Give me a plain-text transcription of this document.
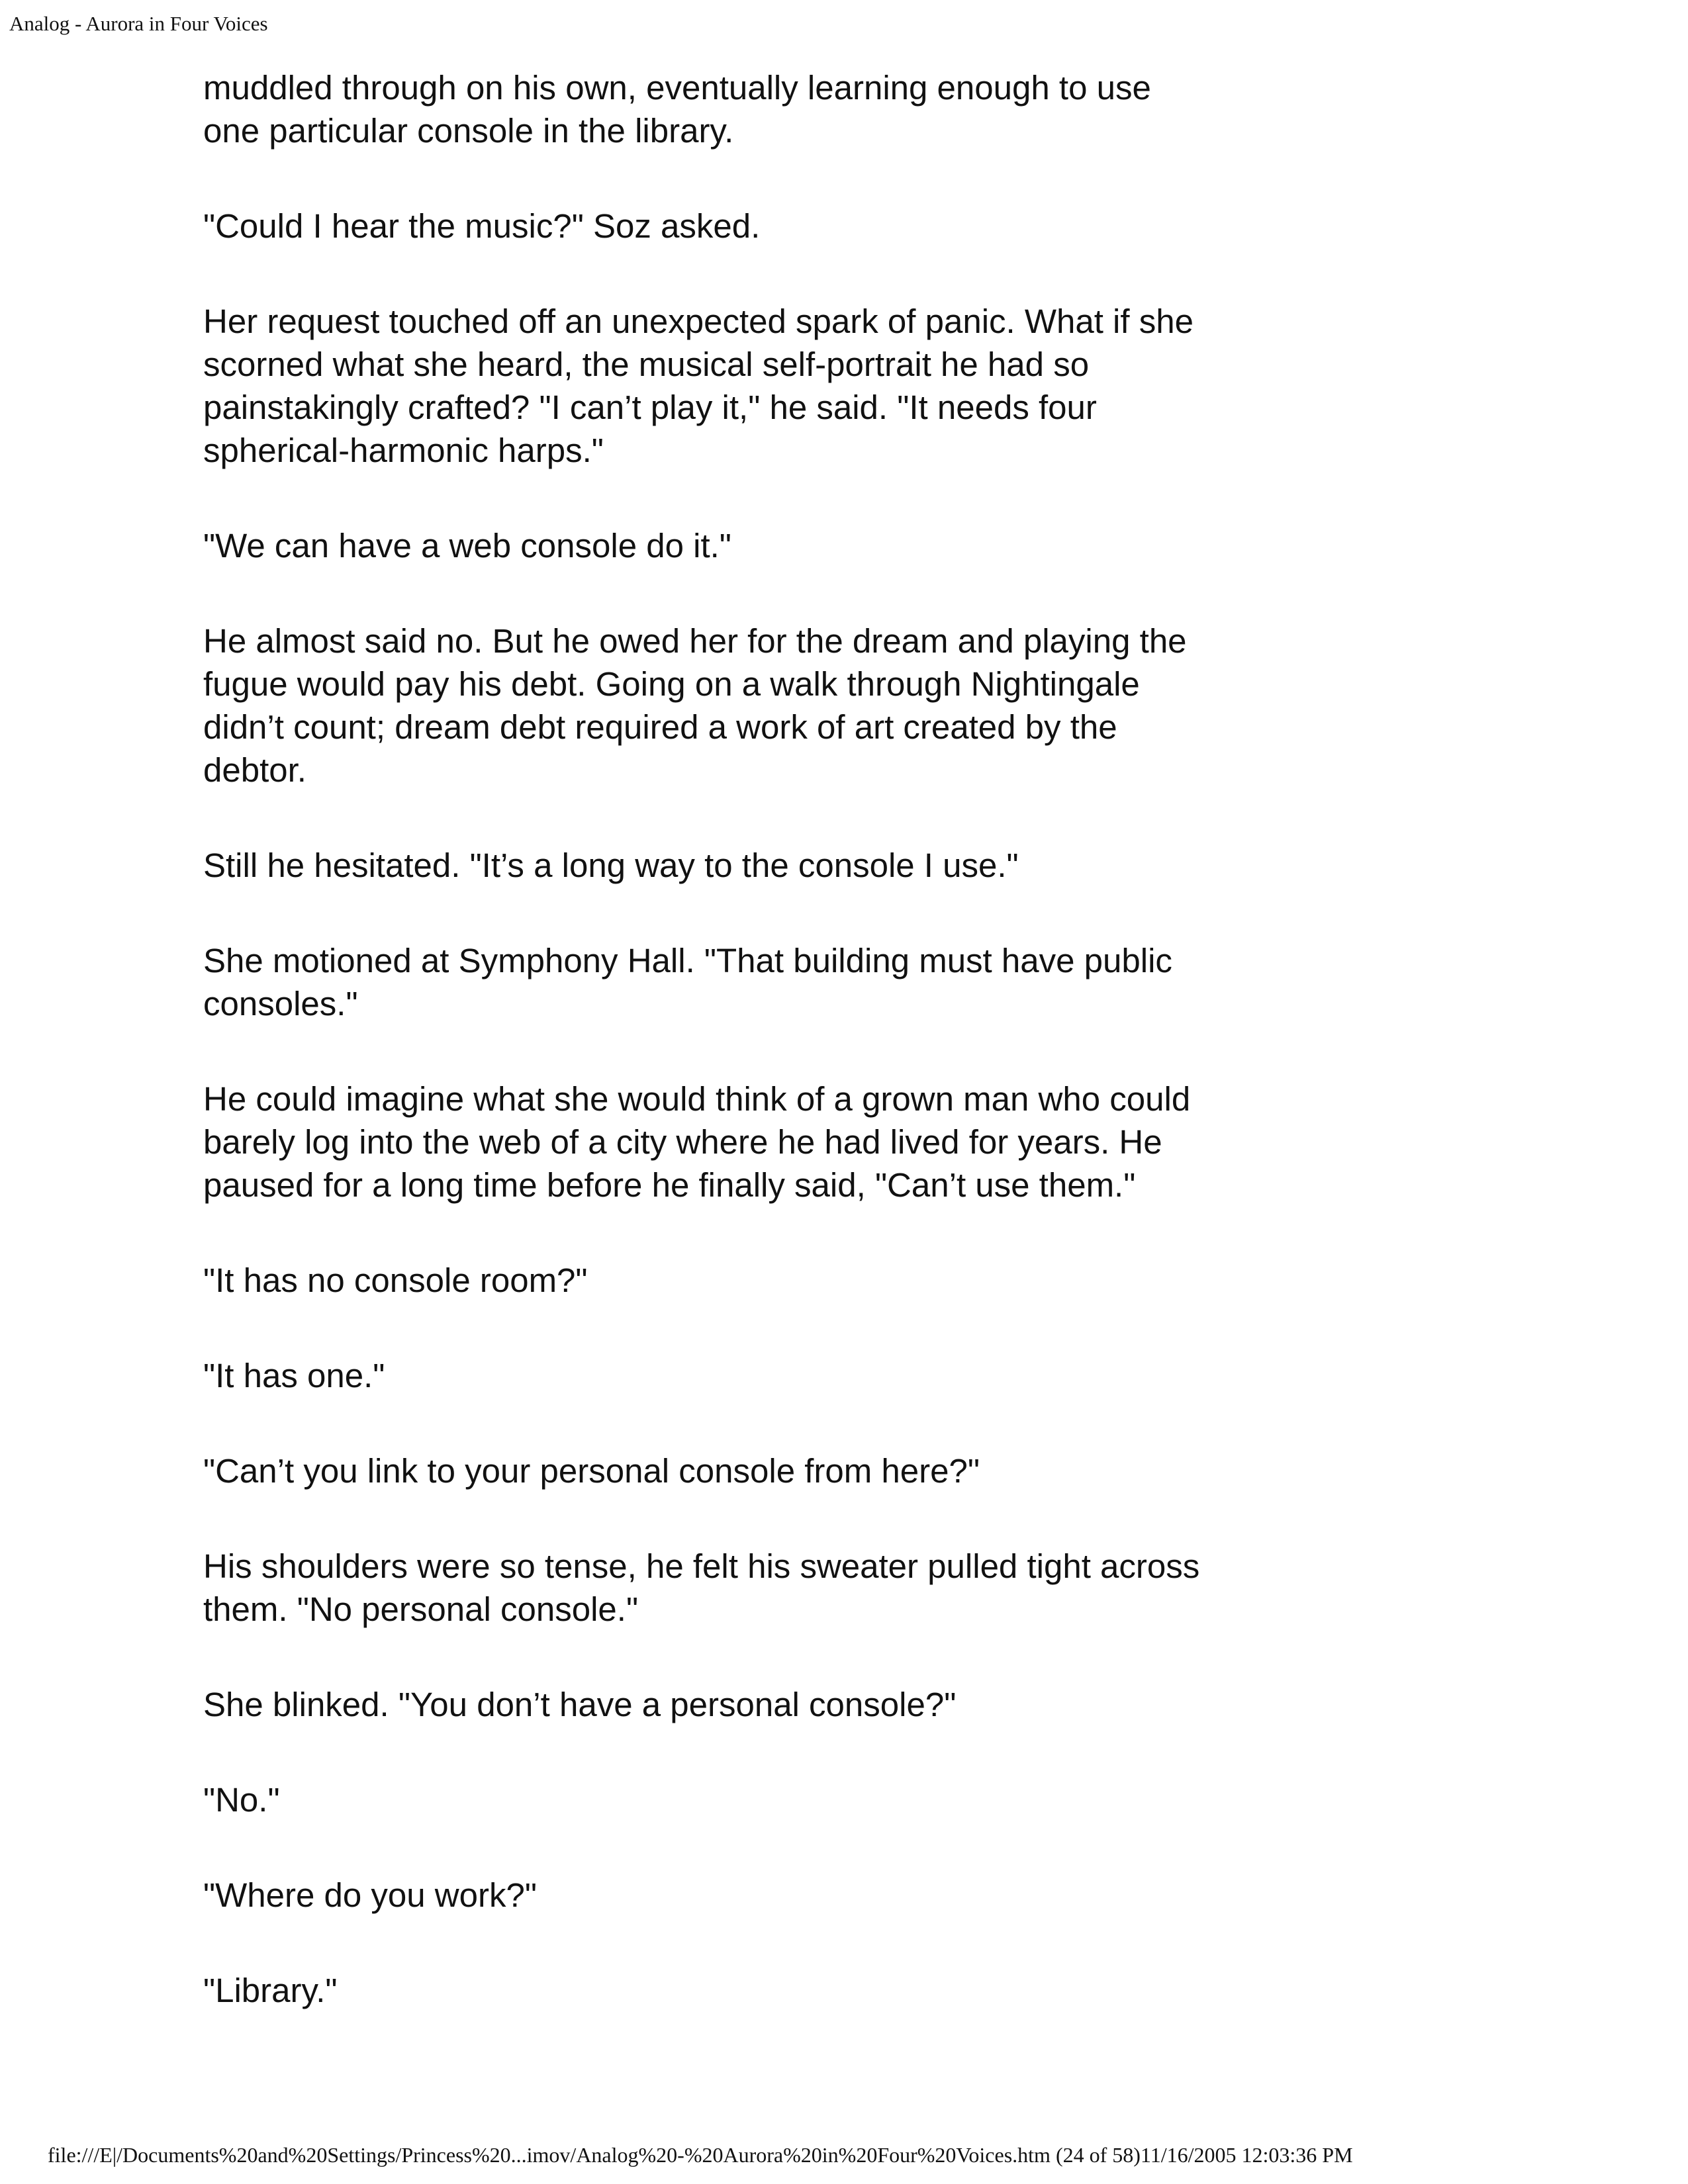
Analog - Aurora in Four Voices

muddled through on his own, eventually learning enough to use one particular console in the library.

"Could I hear the music?" Soz asked.

Her request touched off an unexpected spark of panic. What if she scorned what she heard, the musical self-portrait he had so painstakingly crafted? "I can’t play it," he said. "It needs four spherical-harmonic harps."

"We can have a web console do it."

He almost said no. But he owed her for the dream and playing the fugue would pay his debt. Going on a walk through Nightingale didn’t count; dream debt required a work of art created by the debtor.

Still he hesitated. "It’s a long way to the console I use."

She motioned at Symphony Hall. "That building must have public consoles."

He could imagine what she would think of a grown man who could barely log into the web of a city where he had lived for years. He paused for a long time before he finally said, "Can’t use them."

"It has no console room?"

"It has one."

"Can’t you link to your personal console from here?"

His shoulders were so tense, he felt his sweater pulled tight across them. "No personal console."

She blinked. "You don’t have a personal console?"

"No."

"Where do you work?"

"Library."

file:///E|/Documents%20and%20Settings/Princess%20...imov/Analog%20-%20Aurora%20in%20Four%20Voices.htm (24 of 58)11/16/2005 12:03:36 PM
